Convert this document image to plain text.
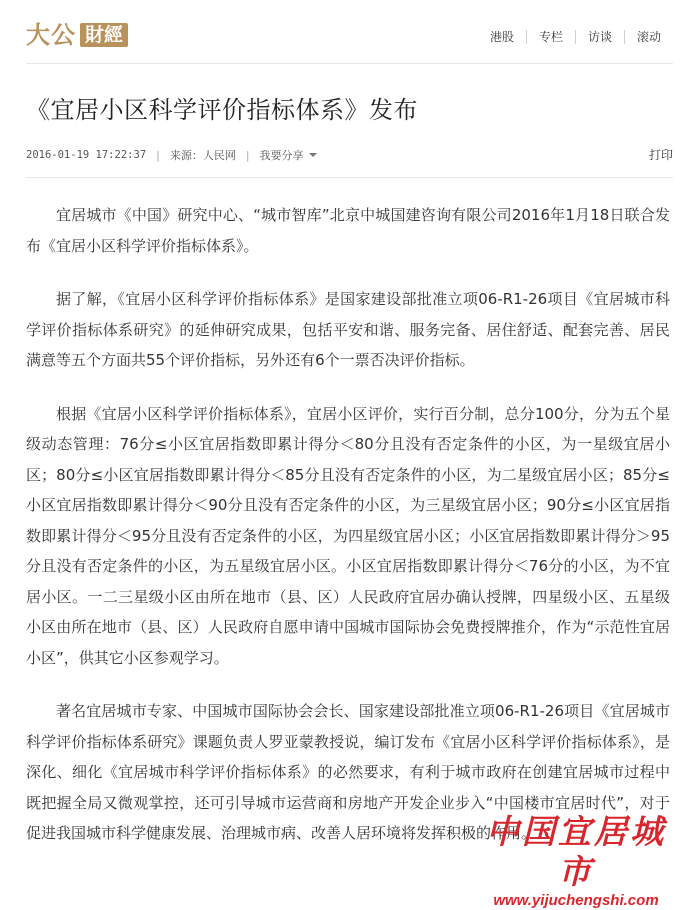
大公 財經	港股	专栏	访谈	滚动
《宜居小区科学评价指标体系》发布
2016-01-19 17:22:37 | 来源：人民网 | 我要分享	打印

宜居城市《中国》研究中心、“城市智库”北京中城国建咨询有限公司2016年1月18日联合发布《宜居小区科学评价指标体系》。

据了解，《宜居小区科学评价指标体系》是国家建设部批准立项06-R1-26项目《宜居城市科学评价指标体系研究》的延伸研究成果，包括平安和谐、服务完备、居住舒适、配套完善、居民满意等五个方面共55个评价指标，另外还有6个一票否决评价指标。

根据《宜居小区科学评价指标体系》，宜居小区评价，实行百分制，总分100分，分为五个星级动态管理：76分≤小区宜居指数即累计得分＜80分且没有否定条件的小区，为一星级宜居小区；80分≤小区宜居指数即累计得分＜85分且没有否定条件的小区，为二星级宜居小区；85分≤小区宜居指数即累计得分＜90分且没有否定条件的小区，为三星级宜居小区；90分≤小区宜居指数即累计得分＜95分且没有否定条件的小区，为四星级宜居小区；小区宜居指数即累计得分＞95分且没有否定条件的小区，为五星级宜居小区。小区宜居指数即累计得分＜76分的小区，为不宜居小区。一二三星级小区由所在地市（县、区）人民政府宜居办确认授牌，四星级小区、五星级小区由所在地市（县、区）人民政府自愿申请中国城市国际协会免费授牌推介，作为“示范性宜居小区”，供其它小区参观学习。

著名宜居城市专家、中国城市国际协会会长、国家建设部批准立项06-R1-26项目《宜居城市科学评价指标体系研究》课题负责人罗亚蒙教授说，编订发布《宜居小区科学评价指标体系》，是深化、细化《宜居城市科学评价指标体系》的必然要求，有利于城市政府在创建宜居城市过程中既把握全局又微观掌控，还可引导城市运营商和房地产开发企业步入“中国楼市宜居时代”，对于促进我国城市科学健康发展、治理城市病、改善人居环境将发挥积极的作用。

中国宜居城市
www.yijuchengshi.com
